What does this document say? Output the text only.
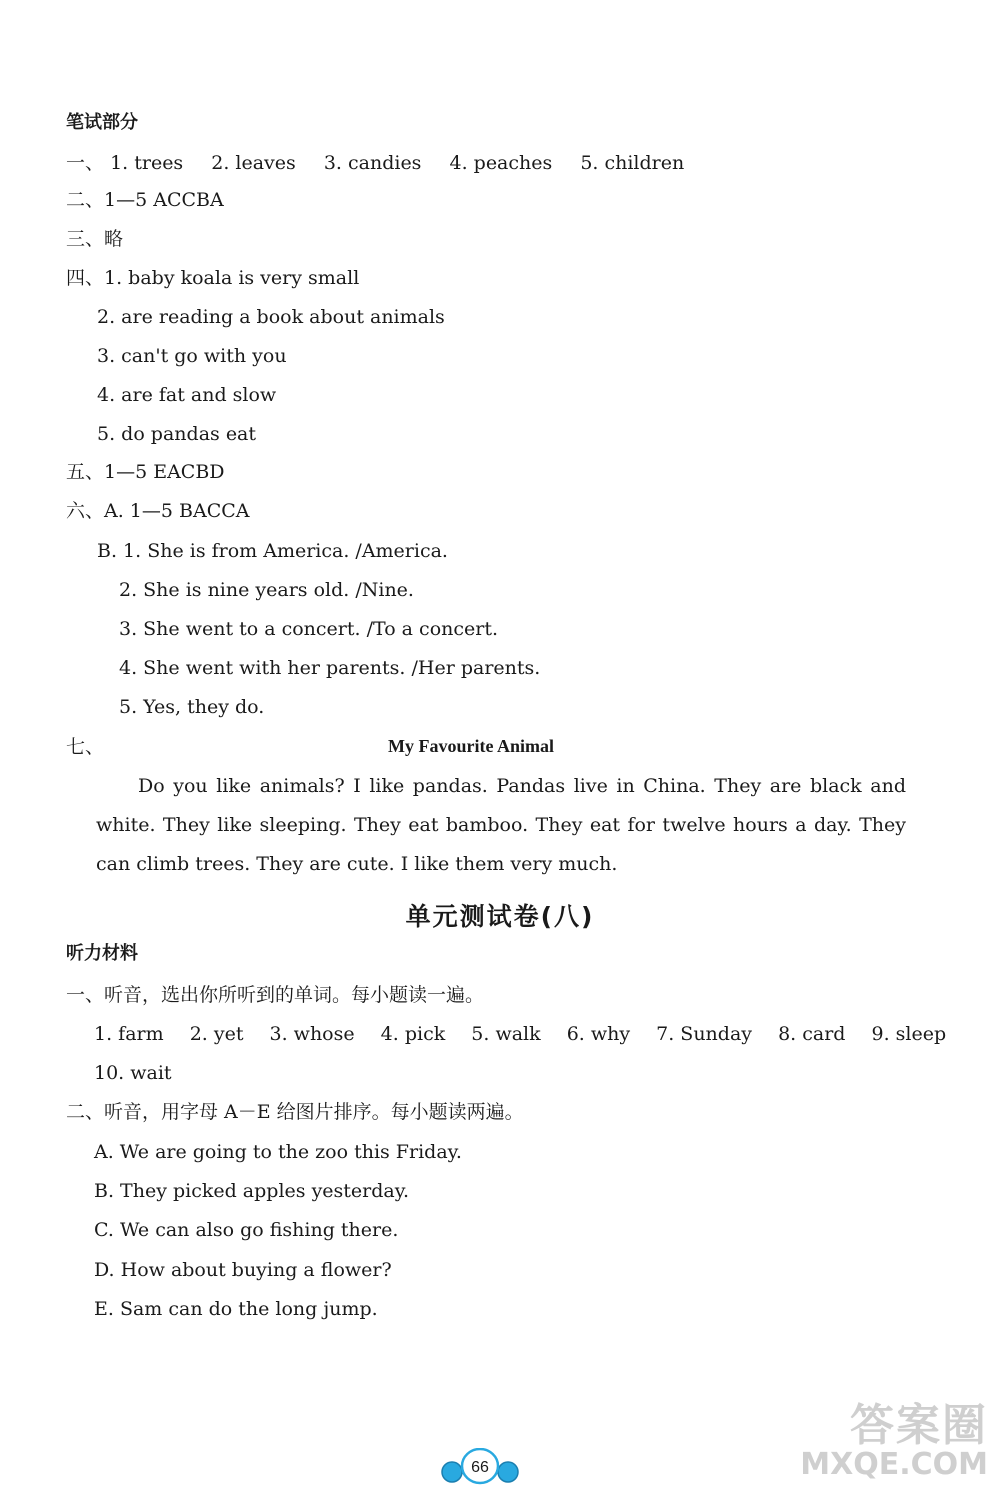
笔试部分
一、 1. trees 2. leaves 3. candies 4. peaches 5. children
二、1—5 ACCBA
三、略
四、1. baby koala is very small
2. are reading a book about animals
3. can't go with you
4. are fat and slow
5. do pandas eat
五、1—5 EACBD
六、A. 1—5 BACCA
B. 1. She is from America. /America.
2. She is nine years old. /Nine.
3. She went to a concert. /To a concert.
4. She went with her parents. /Her parents.
5. Yes, they do.
七、	My Favourite Animal

Do you like animals? I like pandas. Pandas live in China. They are black and white. They like sleeping. They eat bamboo. They eat for twelve hours a day. They can climb trees. They are cute. I like them very much.

单元测试卷(八)
听力材料
一、听音，选出你所听到的单词。每小题读一遍。
1. farm 2. yet 3. whose 4. pick 5. walk 6. why 7. Sunday 8. card 9. sleep
10. wait
二、听音，用字母 A－E 给图片排序。每小题读两遍。
A. We are going to the zoo this Friday.
B. They picked apples yesterday.
C. We can also go fishing there.
D. How about buying a flower?
E. Sam can do the long jump.
66
答案圈
MXQE.COM
